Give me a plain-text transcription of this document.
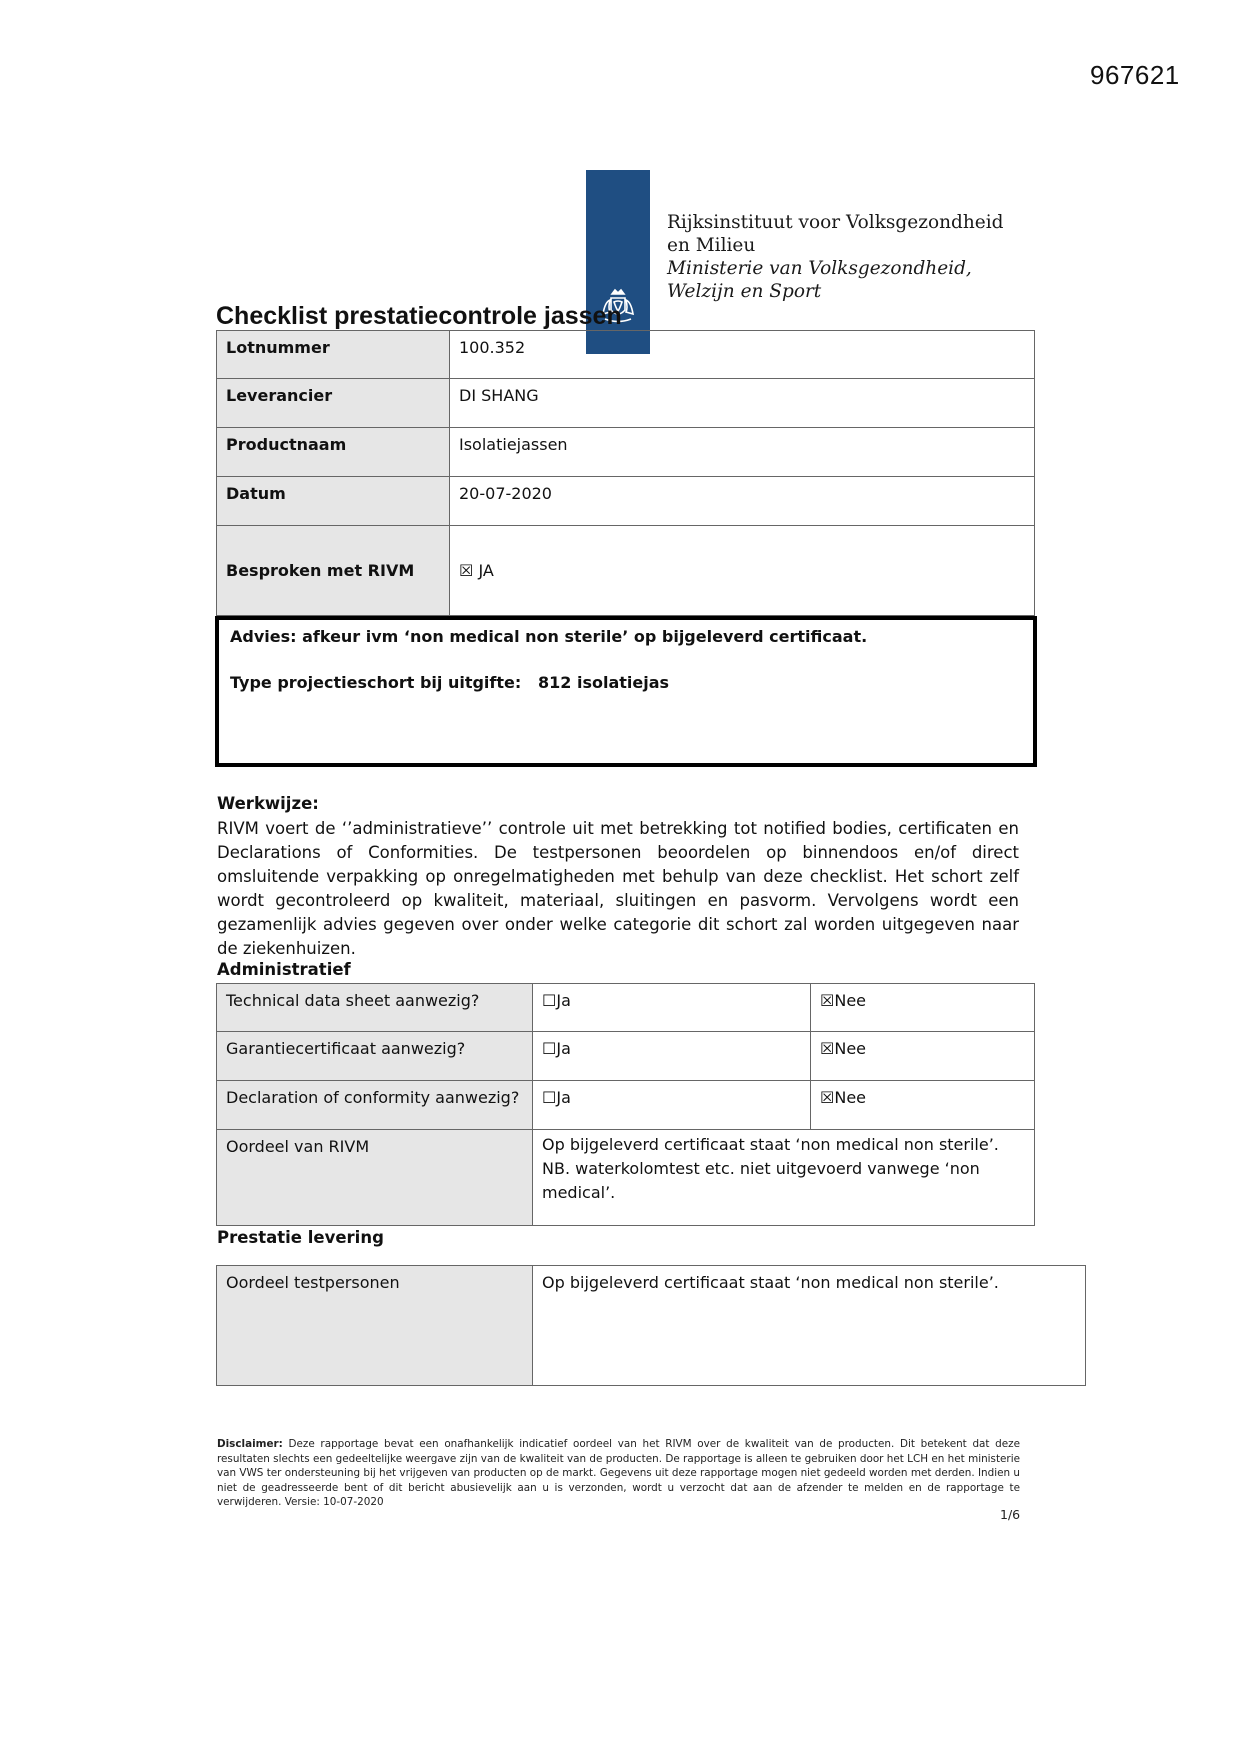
967621
Rijksinstituut voor Volksgezondheid
en Milieu
Ministerie van Volksgezondheid,
Welzijn en Sport
Checklist prestatiecontrole jassen
Lotnummer	100.352
Leverancier	DI SHANG
Productnaam	Isolatiejassen
Datum	20-07-2020
Besproken met RIVM	☒ JA
Advies: afkeur ivm ‘non medical non sterile’ op bijgeleverd certificaat.
Type projectieschort bij uitgifte: 812 isolatiejas
Werkwijze:
RIVM voert de ‘’administratieve’’ controle uit met betrekking tot notified bodies, certificaten en Declarations of Conformities. De testpersonen beoordelen op binnendoos en/of direct omsluitende verpakking op onregelmatigheden met behulp van deze checklist. Het schort zelf wordt gecontroleerd op kwaliteit, materiaal, sluitingen en pasvorm. Vervolgens wordt een gezamenlijk advies gegeven over onder welke categorie dit schort zal worden uitgegeven naar de ziekenhuizen.
Administratief
Technical data sheet aanwezig?	☐Ja	☒Nee
Garantiecertificaat aanwezig?	☐Ja	☒Nee
Declaration of conformity aanwezig?	☐Ja	☒Nee
Oordeel van RIVM	Op bijgeleverd certificaat staat ‘non medical non sterile’.
NB. waterkolomtest etc. niet uitgevoerd vanwege ‘non
medical’.	
Prestatie levering
Oordeel testpersonen	Op bijgeleverd certificaat staat ‘non medical non sterile’.
Disclaimer: Deze rapportage bevat een onafhankelijk indicatief oordeel van het RIVM over de kwaliteit van de producten. Dit betekent dat deze resultaten slechts een gedeeltelijke weergave zijn van de kwaliteit van de producten. De rapportage is alleen te gebruiken door het LCH en het ministerie van VWS ter ondersteuning bij het vrijgeven van producten op de markt. Gegevens uit deze rapportage mogen niet gedeeld worden met derden. Indien u niet de geadresseerde bent of dit bericht abusievelijk aan u is verzonden, wordt u verzocht dat aan de afzender te melden en de rapportage te verwijderen. Versie: 10-07-2020
1/6
